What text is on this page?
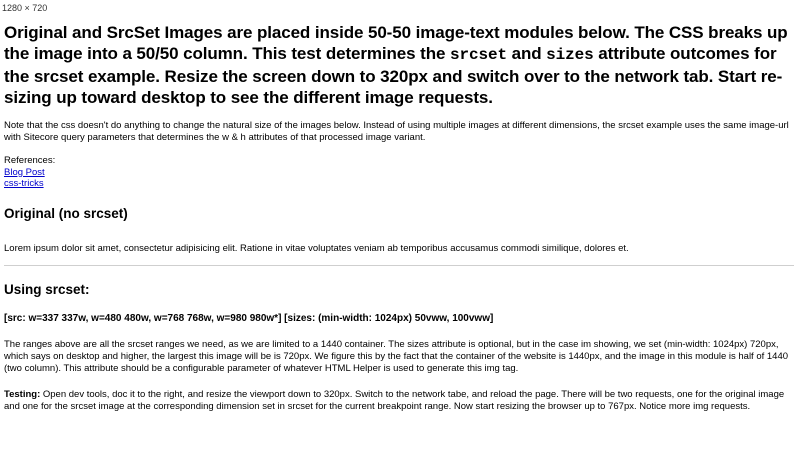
1280 × 720
Original and SrcSet Images are placed inside 50-50 image-text modules below. The CSS breaks up the image into a 50/50 column. This test determines the srcset and sizes attribute outcomes for the srcset example. Resize the screen down to 320px and switch over to the network tab. Start re-sizing up toward desktop to see the different image requests.

Note that the css doesn't do anything to change the natural size of the images below. Instead of using multiple images at different dimensions, the srcset example uses the same image-url with Sitecore query parameters that determines the w & h attributes of that processed image variant.

References:
Blog Post
css-tricks
Original (no srcset)

Lorem ipsum dolor sit amet, consectetur adipisicing elit. Ratione in vitae voluptates veniam ab temporibus accusamus commodi similique, dolores et.

Using srcset:

[src: w=337 337w, w=480 480w, w=768 768w, w=980 980w*] [sizes: (min-width: 1024px) 50vww, 100vww]

The ranges above are all the srcset ranges we need, as we are limited to a 1440 container. The sizes attribute is optional, but in the case im showing, we set (min-width: 1024px) 720px, which says on desktop and higher, the largest this image will be is 720px. We figure this by the fact that the container of the website is 1440px, and the image in this module is half of 1440 (two column). This attribute should be a configurable parameter of whatever HTML Helper is used to generate this img tag.

Testing: Open dev tools, doc it to the right, and resize the viewport down to 320px. Switch to the network tabe, and reload the page. There will be two requests, one for the original image and one for the srcset image at the corresponding dimension set in srcset for the current breakpoint range. Now start resizing the browser up to 767px. Notice more img requests.
